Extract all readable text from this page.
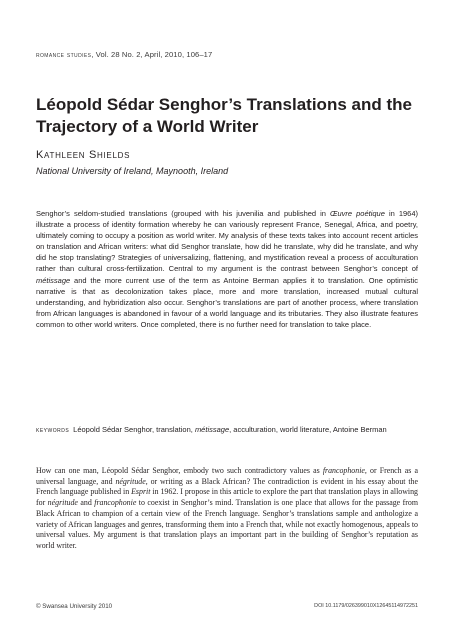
romance studies, Vol. 28 No. 2, April, 2010, 106–17
Léopold Sédar Senghor’s Translations and the Trajectory of a World Writer
Kathleen Shields
National University of Ireland, Maynooth, Ireland

Senghor’s seldom-studied translations (grouped with his juvenilia and published in Œuvre poétique in 1964) illustrate a process of identity formation whereby he can variously represent France, Senegal, Africa, and poetry, ultimately coming to occupy a position as world writer. My analysis of these texts takes into account recent articles on translation and African writers: what did Senghor translate, how did he translate, why did he translate, and why did he stop translating? Strategies of universalizing, flattening, and mystification reveal a process of acculturation rather than cultural cross-fertilization. Central to my argument is the contrast between Senghor’s concept of métissage and the more current use of the term as Antoine Berman applies it to translation. One optimistic narrative is that as decolonization takes place, more and more translation, increased mutual cultural understanding, and hybridization also occur. Senghor’s translations are part of another process, where translation from African languages is abandoned in favour of a world language and its tributaries. They also illustrate features common to other world writers. Once completed, there is no further need for translation to take place.

keywords Léopold Sédar Senghor, translation, métissage, acculturation, world literature, Antoine Berman

How can one man, Léopold Sédar Senghor, embody two such contradictory values as francophonie, or French as a universal language, and négritude, or writing as a Black African? The contradiction is evident in his essay about the French language published in Esprit in 1962. I propose in this article to explore the part that translation plays in allowing for négritude and francophonie to coexist in Senghor’s mind. Translation is one place that allows for the passage from Black African to champion of a certain view of the French language. Senghor’s translations sample and anthologize a variety of African languages and genres, transforming them into a French that, while not exactly homogenous, appeals to universal values. My argument is that translation plays an important part in the building of Senghor’s reputation as world writer.

© Swansea University 2010	DOI 10.1179/026399010X12645114972251
